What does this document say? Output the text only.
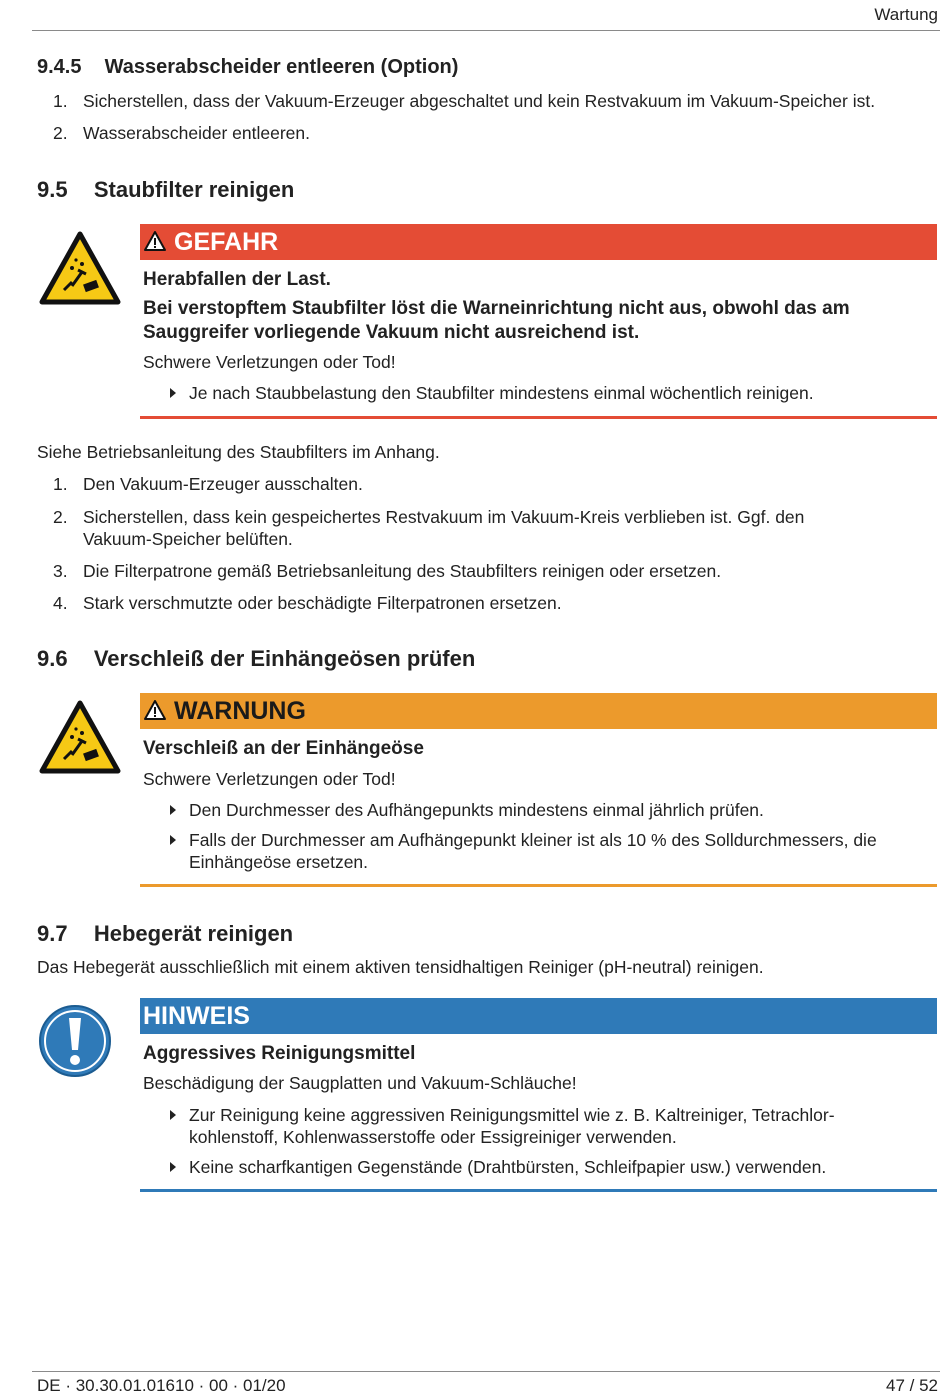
Wartung
9.4.5 Wasserabscheider entleeren (Option)
1. Sicherstellen, dass der Vakuum-Erzeuger abgeschaltet und kein Restvakuum im Vakuum-Speicher ist.
2. Wasserabscheider entleeren.
9.5 Staubfilter reinigen
GEFAHR
Herabfallen der Last.
Bei verstopftem Staubfilter löst die Warneinrichtung nicht aus, obwohl das am Sauggreifer vorliegende Vakuum nicht ausreichend ist.
Schwere Verletzungen oder Tod!
Je nach Staubbelastung den Staubfilter mindestens einmal wöchentlich reinigen.
Siehe Betriebsanleitung des Staubfilters im Anhang.
1. Den Vakuum-Erzeuger ausschalten.
2. Sicherstellen, dass kein gespeichertes Restvakuum im Vakuum-Kreis verblieben ist. Ggf. den Vakuum-Speicher belüften.
3. Die Filterpatrone gemäß Betriebsanleitung des Staubfilters reinigen oder ersetzen.
4. Stark verschmutzte oder beschädigte Filterpatronen ersetzen.
9.6 Verschleiß der Einhängeösen prüfen
WARNUNG
Verschleiß an der Einhängeöse
Schwere Verletzungen oder Tod!
Den Durchmesser des Aufhängepunkts mindestens einmal jährlich prüfen.
Falls der Durchmesser am Aufhängepunkt kleiner ist als 10 % des Solldurchmessers, die Einhängeöse ersetzen.
9.7 Hebegerät reinigen
Das Hebegerät ausschließlich mit einem aktiven tensidhaltigen Reiniger (pH-neutral) reinigen.
HINWEIS
Aggressives Reinigungsmittel
Beschädigung der Saugplatten und Vakuum-Schläuche!
Zur Reinigung keine aggressiven Reinigungsmittel wie z. B. Kaltreiniger, Tetrachlorkohlenstoff, Kohlenwasserstoffe oder Essigreiniger verwenden.
Keine scharfkantigen Gegenstände (Drahtbürsten, Schleifpapier usw.) verwenden.
DE · 30.30.01.01610 · 00 · 01/20	47 / 52
